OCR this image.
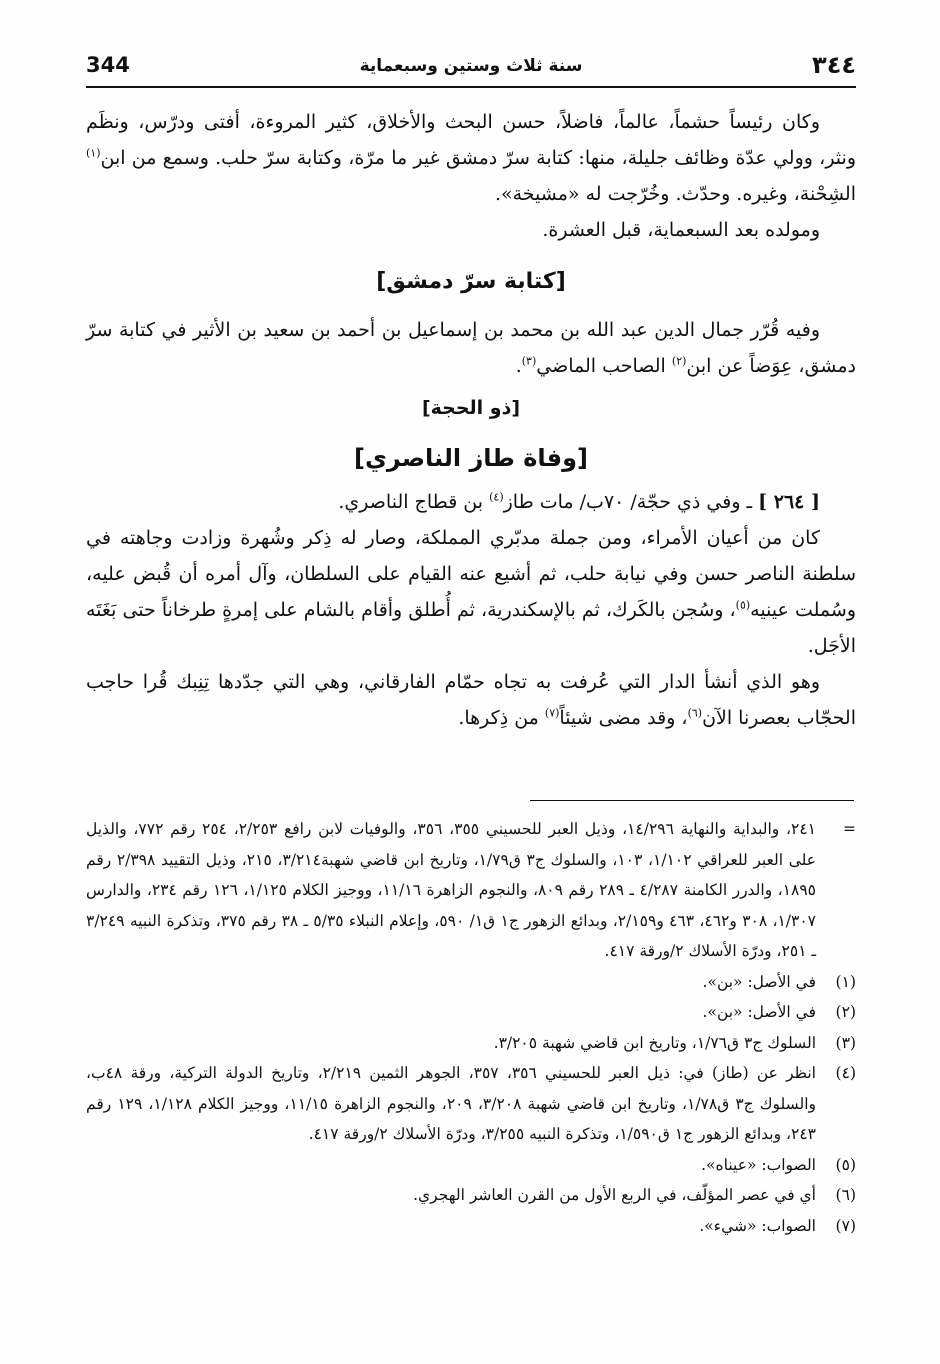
344	سنة ثلاث وستين وسبعماية	٣٤٤

وكان رئيساً حشماً، عالماً، فاضلاً، حسن البحث والأخلاق، كثير المروءة، أفتى ودرّس، ونظَم ونثر، وولي عدّة وظائف جليلة، منها: كتابة سرّ دمشق غير ما مرّة، وكتابة سرّ حلب. وسمع من ابن$^{(١)}$ الشِحْنة، وغيره. وحدّث. وخُرّجت له «مشيخة».

ومولده بعد السبعماية، قبل العشرة.

[كتابة سرّ دمشق]

وفيه قُرّر جمال الدين عبد الله بن محمد بن إسماعيل بن أحمد بن سعيد بن الأثير في كتابة سرّ دمشق، عِوَضاً عن ابن$^{(٢)}$ الصاحب الماضي$^{(٣)}$.

[ذو الحجة]

[وفاة طاز الناصري]

[ ٢٦٤ ] ـ وفي ذي حجّة/ ٧٠ب/ مات طاز$^{(٤)}$ بن قطاج الناصري.

كان من أعيان الأمراء، ومن جملة مدبّري المملكة، وصار له ذِكر وشُهرة وزادت وجاهته في سلطنة الناصر حسن وفي نيابة حلب، ثم أشيع عنه القيام على السلطان، وآل أمره أن قُبض عليه، وسُملت عينيه$^{(٥)}$، وسُجن بالكَرك، ثم بالإسكندرية، ثم أُطلق وأقام بالشام على إمرةٍ طرخاناً حتى بَغَتَه الأجَل.

وهو الذي أنشأ الدار التي عُرفت به تجاه حمّام الفارقاني، وهي التي جدّدها تِنِبك قُرا حاجب الحجّاب بعصرنا الآن$^{(٦)}$، وقد مضى شيئاً$^{(٧)}$ من ذِكرها.

=
٢٤١، والبداية والنهاية ١٤/٢٩٦، وذيل العبر للحسيني ٣٥٥، ٣٥٦، والوفيات لابن رافع ٢/٢٥٣، ٢٥٤ رقم ٧٧٢، والذيل على العبر للعراقي ١/١٠٢، ١٠٣، والسلوك ج٣ ق١/٧٩، وتاريخ ابن قاضي شهبة٣/٢١٤، ٢١٥، وذيل التقييد ٢/٣٩٨ رقم ١٨٩٥، والدرر الكامنة ٤/٢٨٧ ـ ٢٨٩ رقم ٨٠٩، والنجوم الزاهرة ١١/١٦، ووجيز الكلام ١/١٢٥، ١٢٦ رقم ٢٣٤، والدارس ١/٣٠٧، ٣٠٨ و٤٦٢، ٤٦٣ و٢/١٥٩، وبدائع الزهور ج١ ق١/ ٥٩٠، وإعلام النبلاء ٥/٣٥ ـ ٣٨ رقم ٣٧٥، وتذكرة النبيه ٣/٢٤٩ ـ ٢٥١، ودرّة الأسلاك ٢/ورقة ٤١٧.
(١)
في الأصل: «بن».
(٢)
في الأصل: «بن».
(٣)
السلوك ج٣ ق١/٧٦، وتاريخ ابن قاضي شهبة ٣/٢٠٥.
(٤)
انظر عن (طاز) في: ذيل العبر للحسيني ٣٥٦، ٣٥٧، الجوهر الثمين ٢/٢١٩، وتاريخ الدولة التركية، ورقة ٤٨ب، والسلوك ج٣ ق١/٧٨، وتاريخ ابن قاضي شهبة ٣/٢٠٨، ٢٠٩، والنجوم الزاهرة ١١/١٥، ووجيز الكلام ١/١٢٨، ١٢٩ رقم ٢٤٣، وبدائع الزهور ج١ ق١/٥٩٠، وتذكرة النبيه ٣/٢٥٥، ودرّة الأسلاك ٢/ورقة ٤١٧.
(٥)
الصواب: «عيناه».
(٦)
أي في عصر المؤلّف، في الربع الأول من القرن العاشر الهجري.
(٧)
الصواب: «شيء».
